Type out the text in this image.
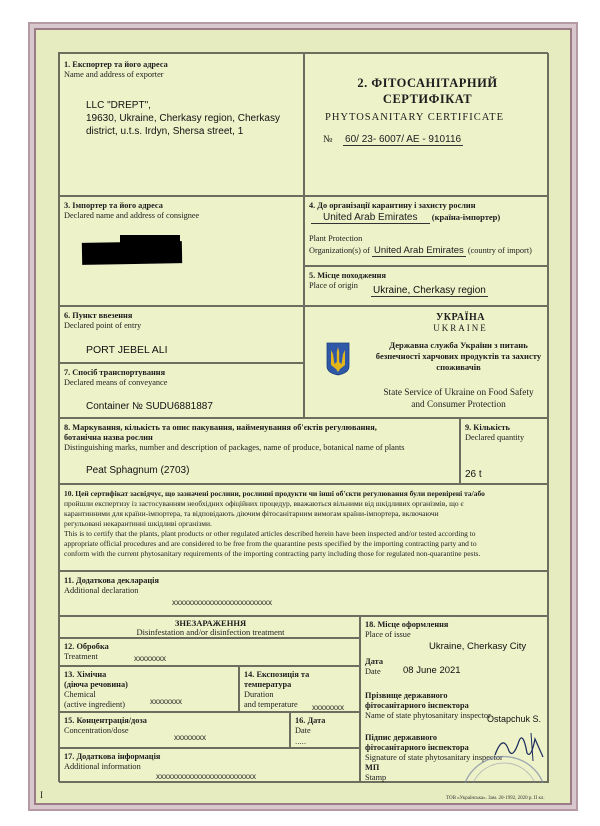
1. Експортер та його адреса
Name and address of exporter
LLC "DREPT",
19630, Ukraine, Cherkasy region, Cherkasy
district, u.t.s. Irdyn, Shersa street, 1
2. ФІТОСАНІТАРНИЙ
СЕРТИФІКАТ
PHYTOSANITARY CERTIFICATE
№ 60/ 23- 6007/ AE - 910116
3. Імпортер та його адреса
Declared name and address of consignee
4. До організації карантину і захисту рослин
United Arab Emirates (країна-імпортер)
Plant Protection
Organization(s) of United Arab Emirates (country of import)
5. Місце походження
Place of origin	Ukraine, Cherkasy region
6. Пункт ввезення
Declared point of entry
PORT JEBEL ALI
УКРАЇНА
UKRAINE
Державна служба України з питань
безпечності харчових продуктів та захисту
споживачів
State Service of Ukraine on Food Safety
and Consumer Protection
7. Спосіб транспортування
Declared means of conveyance
Container № SUDU6881887
8. Маркування, кількість та опис пакування, найменування об'єктів регулювання,
ботанічна назва рослин
Distinguishing marks, number and description of packages, name of produce, botanical name of plants
Peat Sphagnum (2703)
9. Кількість
Declared quantity
26 t
10. Цей сертифікат засвідчує, що зазначені рослини, рослинні продукти чи інші об'єкти регулювання були перевірені та/або
пройшли експертизу із застосуванням необхідних офіційних процедур, вважаються вільними від шкідливих організмів, що є
карантинними для країни-імпортера, та відповідають діючим фітосанітарним вимогам країни-імпортера, включаючи
регульовані некарантинні шкідливі організми.
This is to certify that the plants, plant products or other regulated articles described herein have been inspected and/or tested according to
appropriate official procedures and are considered to be free from the quarantine pests specified by the importing contracting party and to
conform with the current phytosanitary requirements of the importing contracting party including those for regulated non-quarantine pests.
11. Додаткова декларація
Additional declaration
xxxxxxxxxxxxxxxxxxxxxxxxx
ЗНЕЗАРАЖЕННЯ
Disinfestation and/or disinfection treatment
12. Обробка
Treatment	xxxxxxxx
13. Хімічна
(діюча речовина)
Chemical
(active ingredient)	xxxxxxxx
14. Експозиція та
температура
Duration
and temperature	xxxxxxxx
15. Концентрація/доза
Concentration/dose
xxxxxxxx
16. Дата
Date
.....
17. Додаткова інформація
Additional information
xxxxxxxxxxxxxxxxxxxxxxxxx
18. Місце оформлення
Place of issue
Ukraine, Cherkasy City
Дата
Date 08 June 2021
Прізвище державного
фітосанітарного інспектора
Name of state phytosanitary inspector
Ostapchuk S.
Підпис державного
фітосанітарного інспектора
Signature of state phytosanitary inspector
МП
Stamp
I	ТОВ «Українська». Зам. 20-1992, 2020 р. IІ кл.
